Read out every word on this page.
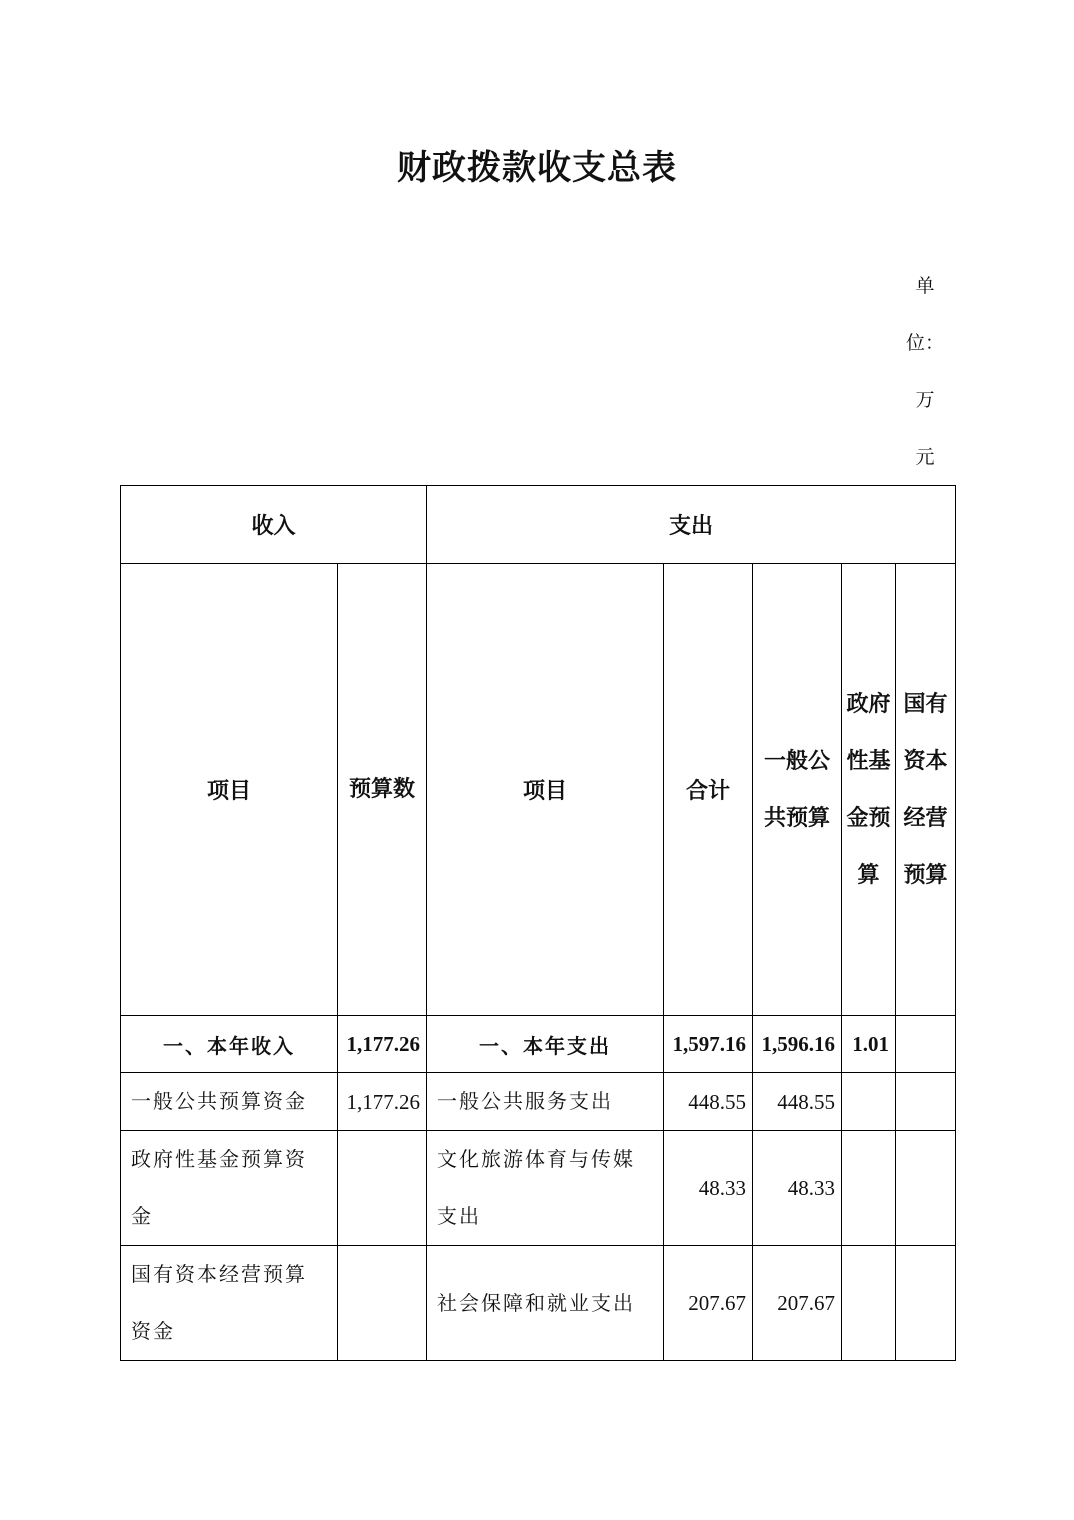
财政拨款收支总表
单
位：
万
元
收入		支出				
项目	预算数	项目	合计	一般公共预算	政府性基金预算	国有资本经营预算
一、本年收入	1,177.26	一、本年支出	1,597.16	1,596.16	1.01	
一般公共预算资金	1,177.26	一般公共服务支出	448.55	448.55		
政府性基金预算资金		文化旅游体育与传媒支出	48.33	48.33		
国有资本经营预算资金		社会保障和就业支出	207.67	207.67		
